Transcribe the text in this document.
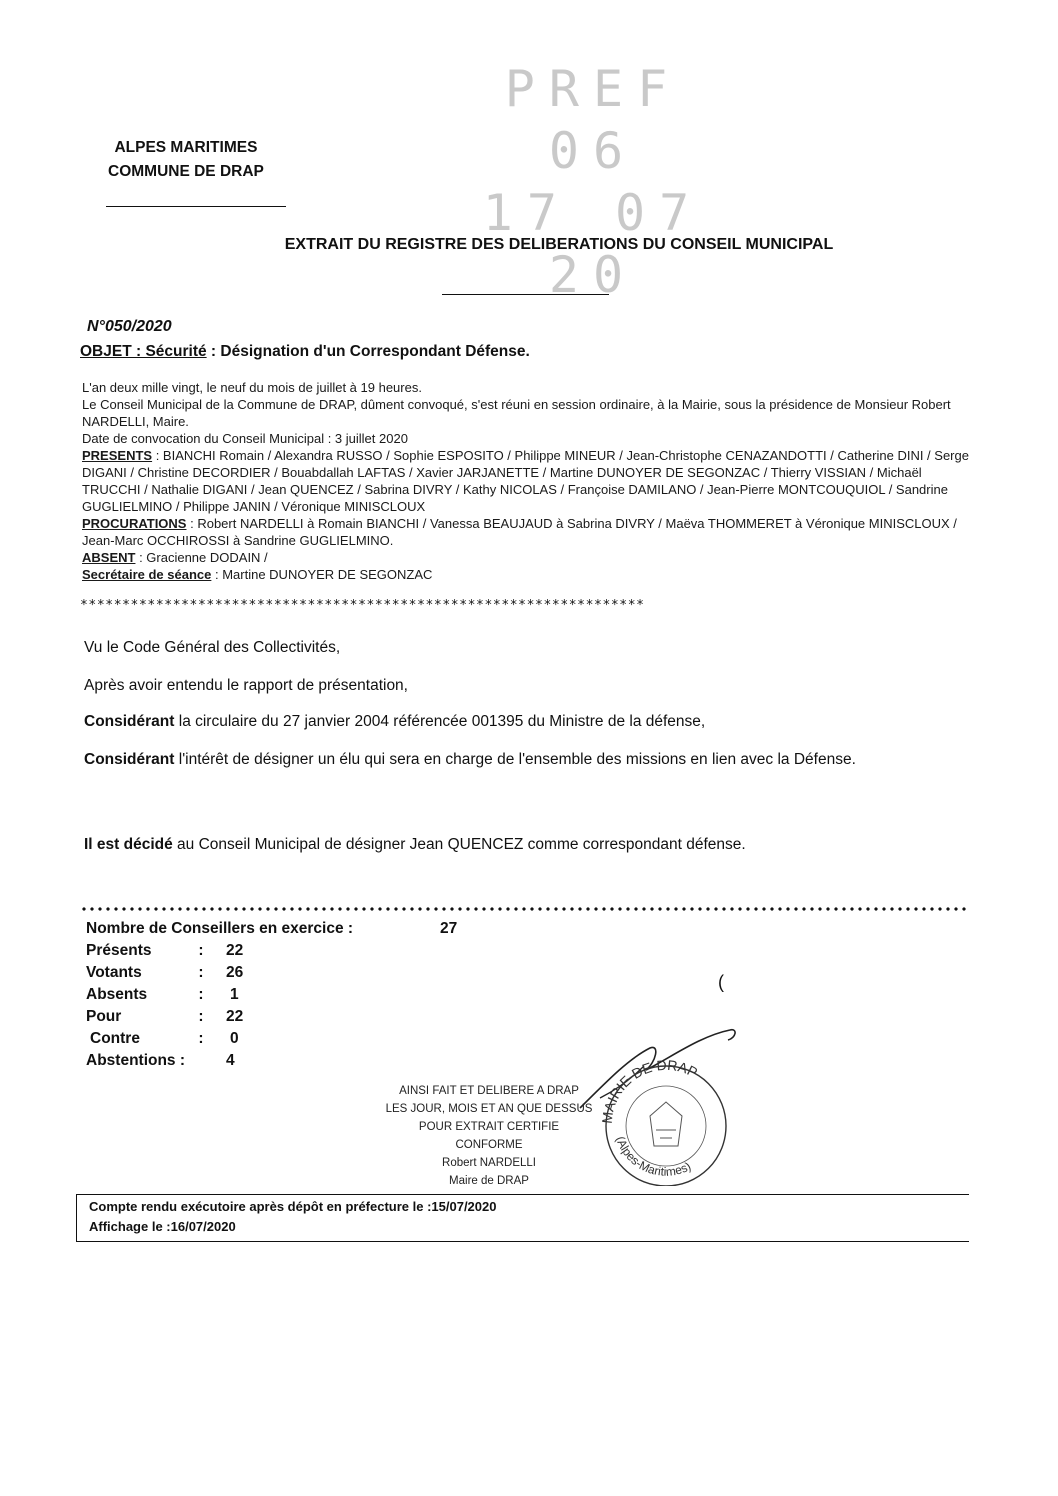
PREF 06
17 07 20
ALPES MARITIMES
COMMUNE DE DRAP
EXTRAIT DU REGISTRE DES DELIBERATIONS DU CONSEIL MUNICIPAL
N°050/2020
OBJET : Sécurité : Désignation d'un Correspondant Défense.
L'an deux mille vingt, le neuf du mois de juillet à 19 heures.
Le Conseil Municipal de la Commune de DRAP, dûment convoqué, s'est réuni en session ordinaire, à la Mairie, sous la présidence de Monsieur Robert NARDELLI, Maire.
Date de convocation du Conseil Municipal : 3 juillet 2020
PRESENTS : BIANCHI Romain / Alexandra RUSSO / Sophie ESPOSITO / Philippe MINEUR / Jean-Christophe CENAZANDOTTI / Catherine DINI / Serge DIGANI / Christine DECORDIER / Bouabdallah LAFTAS / Xavier JARJANETTE / Martine DUNOYER DE SEGONZAC / Thierry VISSIAN / Michaël TRUCCHI / Nathalie DIGANI / Jean QUENCEZ / Sabrina DIVRY / Kathy NICOLAS / Françoise DAMILANO / Jean-Pierre MONTCOUQUIOL / Sandrine GUGLIELMINO / Philippe JANIN / Véronique MINISCLOUX
PROCURATIONS : Robert NARDELLI à Romain BIANCHI / Vanessa BEAUJAUD à Sabrina DIVRY / Maëva THOMMERET à Véronique MINISCLOUX / Jean-Marc OCCHIROSSI à Sandrine GUGLIELMINO.
ABSENT : Gracienne DODAIN /
Secrétaire de séance : Martine DUNOYER DE SEGONZAC
*******************************************************************
Vu le Code Général des Collectivités,
Après avoir entendu le rapport de présentation,
Considérant la circulaire du 27 janvier 2004 référencée 001395 du Ministre de la défense,
Considérant l'intérêt de désigner un élu qui sera en charge de l'ensemble des missions en lien avec la Défense.
Il est décidé au Conseil Municipal de désigner Jean QUENCEZ comme correspondant défense.
Nombre de Conseillers en exercice :	27
Présents	:	22
Votants	:	26
Absents	:	1
Pour	:	22
Contre	:	0
Abstentions :	4
AINSI FAIT ET DELIBERE A DRAP
LES JOUR, MOIS ET AN QUE DESSUS
POUR EXTRAIT CERTIFIE CONFORME
Robert NARDELLI
Maire de DRAP
MAIRIE DE DRAP
(Alpes-Maritimes)
(
Compte rendu exécutoire après dépôt en préfecture le :15/07/2020
Affichage le :16/07/2020
